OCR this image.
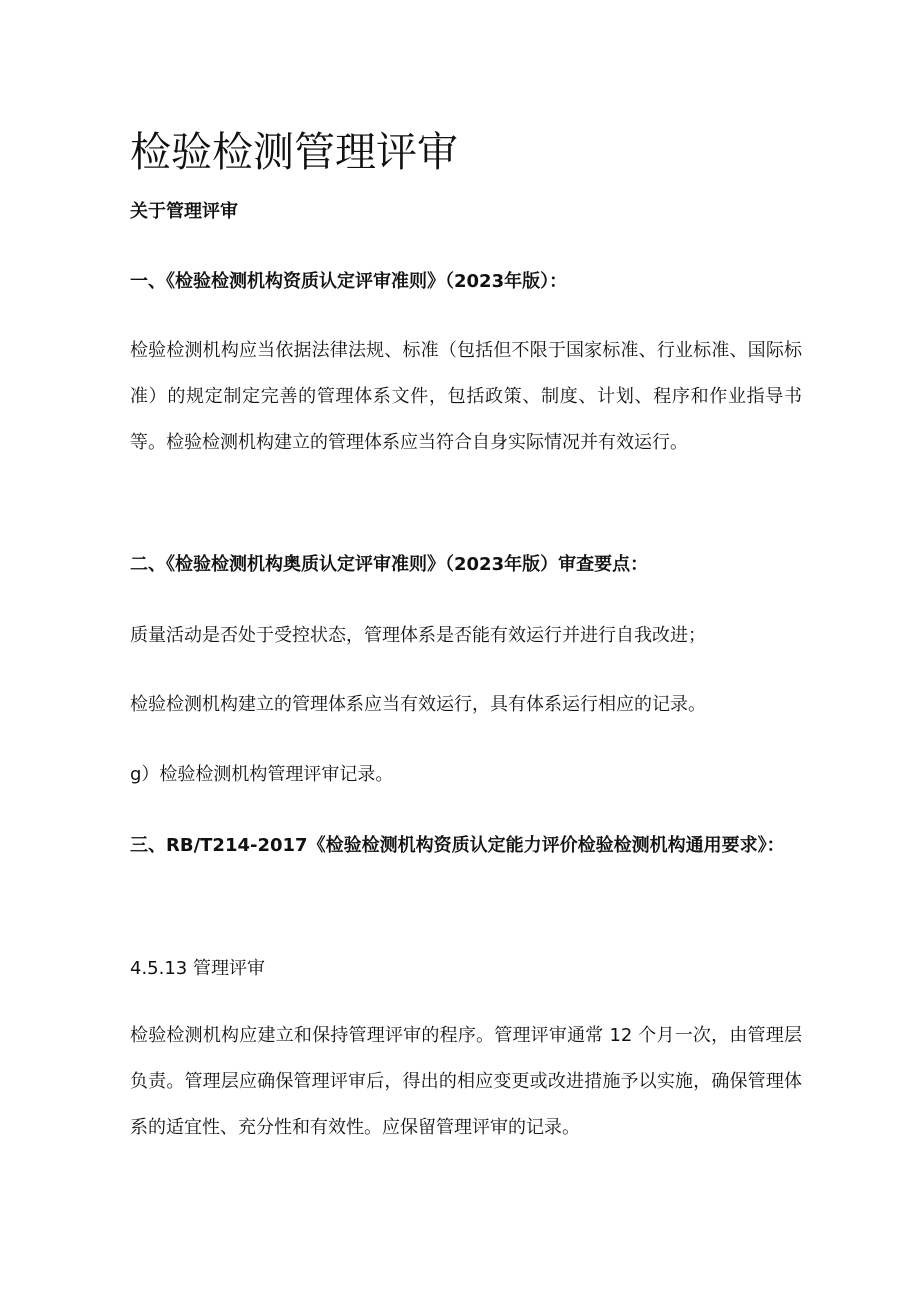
检验检测管理评审

关于管理评审

一、《检验检测机构资质认定评审准则》（2023年版）：

检验检测机构应当依据法律法规、标准（包括但不限于国家标准、行业标准、国际标准）的规定制定完善的管理体系文件，包括政策、制度、计划、程序和作业指导书等。检验检测机构建立的管理体系应当符合自身实际情况并有效运行。

二、《检验检测机构奥质认定评审准则》（2023年版）审查要点：

质量活动是否处于受控状态，管理体系是否能有效运行并进行自我改进；

检验检测机构建立的管理体系应当有效运行，具有体系运行相应的记录。

g）检验检测机构管理评审记录。

三、RB/T214-2017《检验检测机构资质认定能力评价检验检测机构通用要求》：

4.5.13 管理评审

检验检测机构应建立和保持管理评审的程序。管理评审通常 12 个月一次，由管理层负责。管理层应确保管理评审后，得出的相应变更或改进措施予以实施，确保管理体系的适宜性、充分性和有效性。应保留管理评审的记录。
